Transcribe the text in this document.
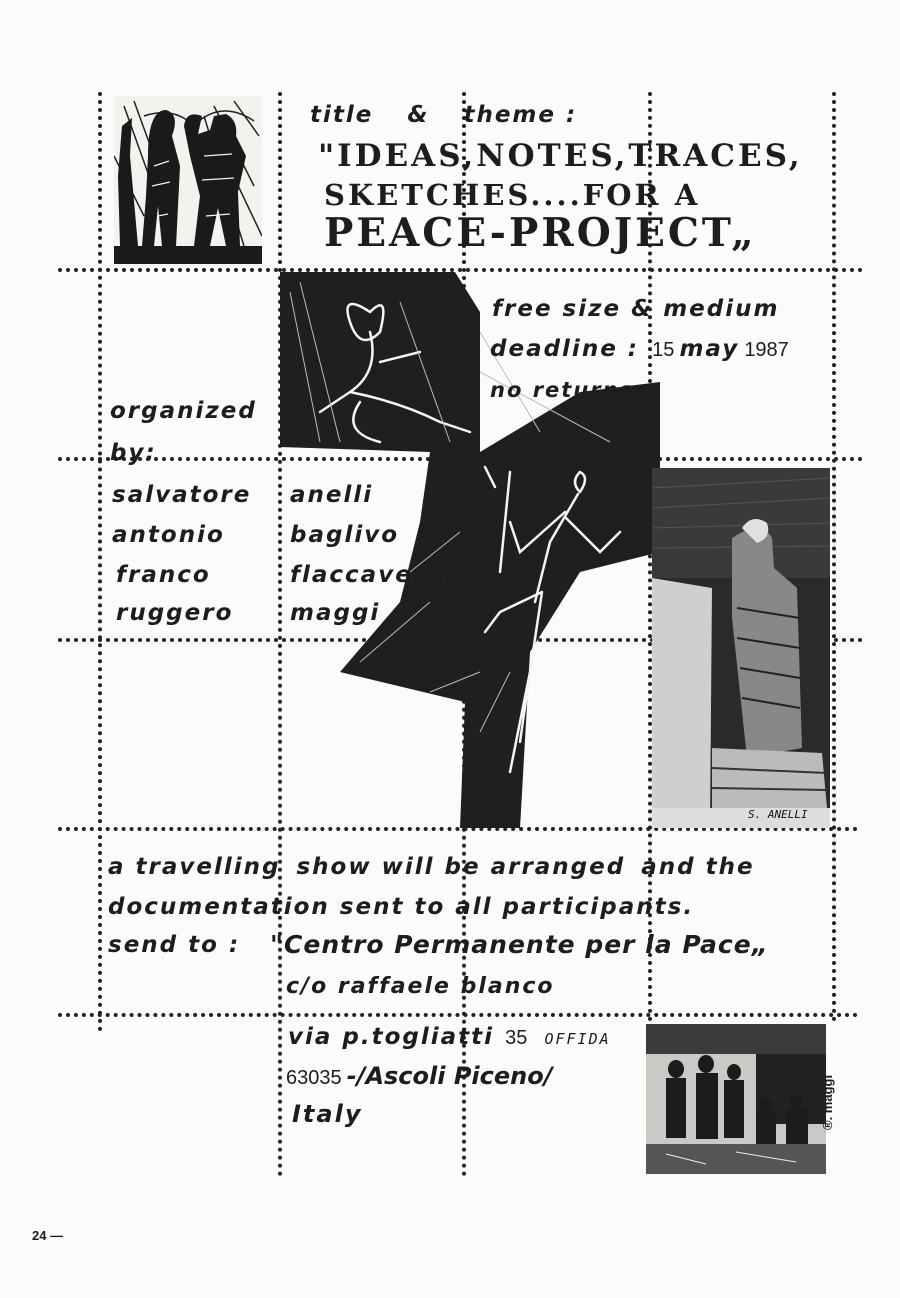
title & theme :
"IDEAS,NOTES,TRACES,
SKETCHES....FOR A
PEACE-PROJECT„
S. ANELLI
free size & medium
deadline : 15 may 1987
no returns
organized
by:
salvatore anelli
antonio	baglivo
franco	flaccavento
ruggero maggi
a travelling show will be arranged and the
documentation sent to all participants.
send to : "Centro Permanente per la Pace„
c/o raffaele blanco
via p.togliatti 35 OFFIDA
63035 -/Ascoli Piceno/
Italy	®. maggi
24 —
